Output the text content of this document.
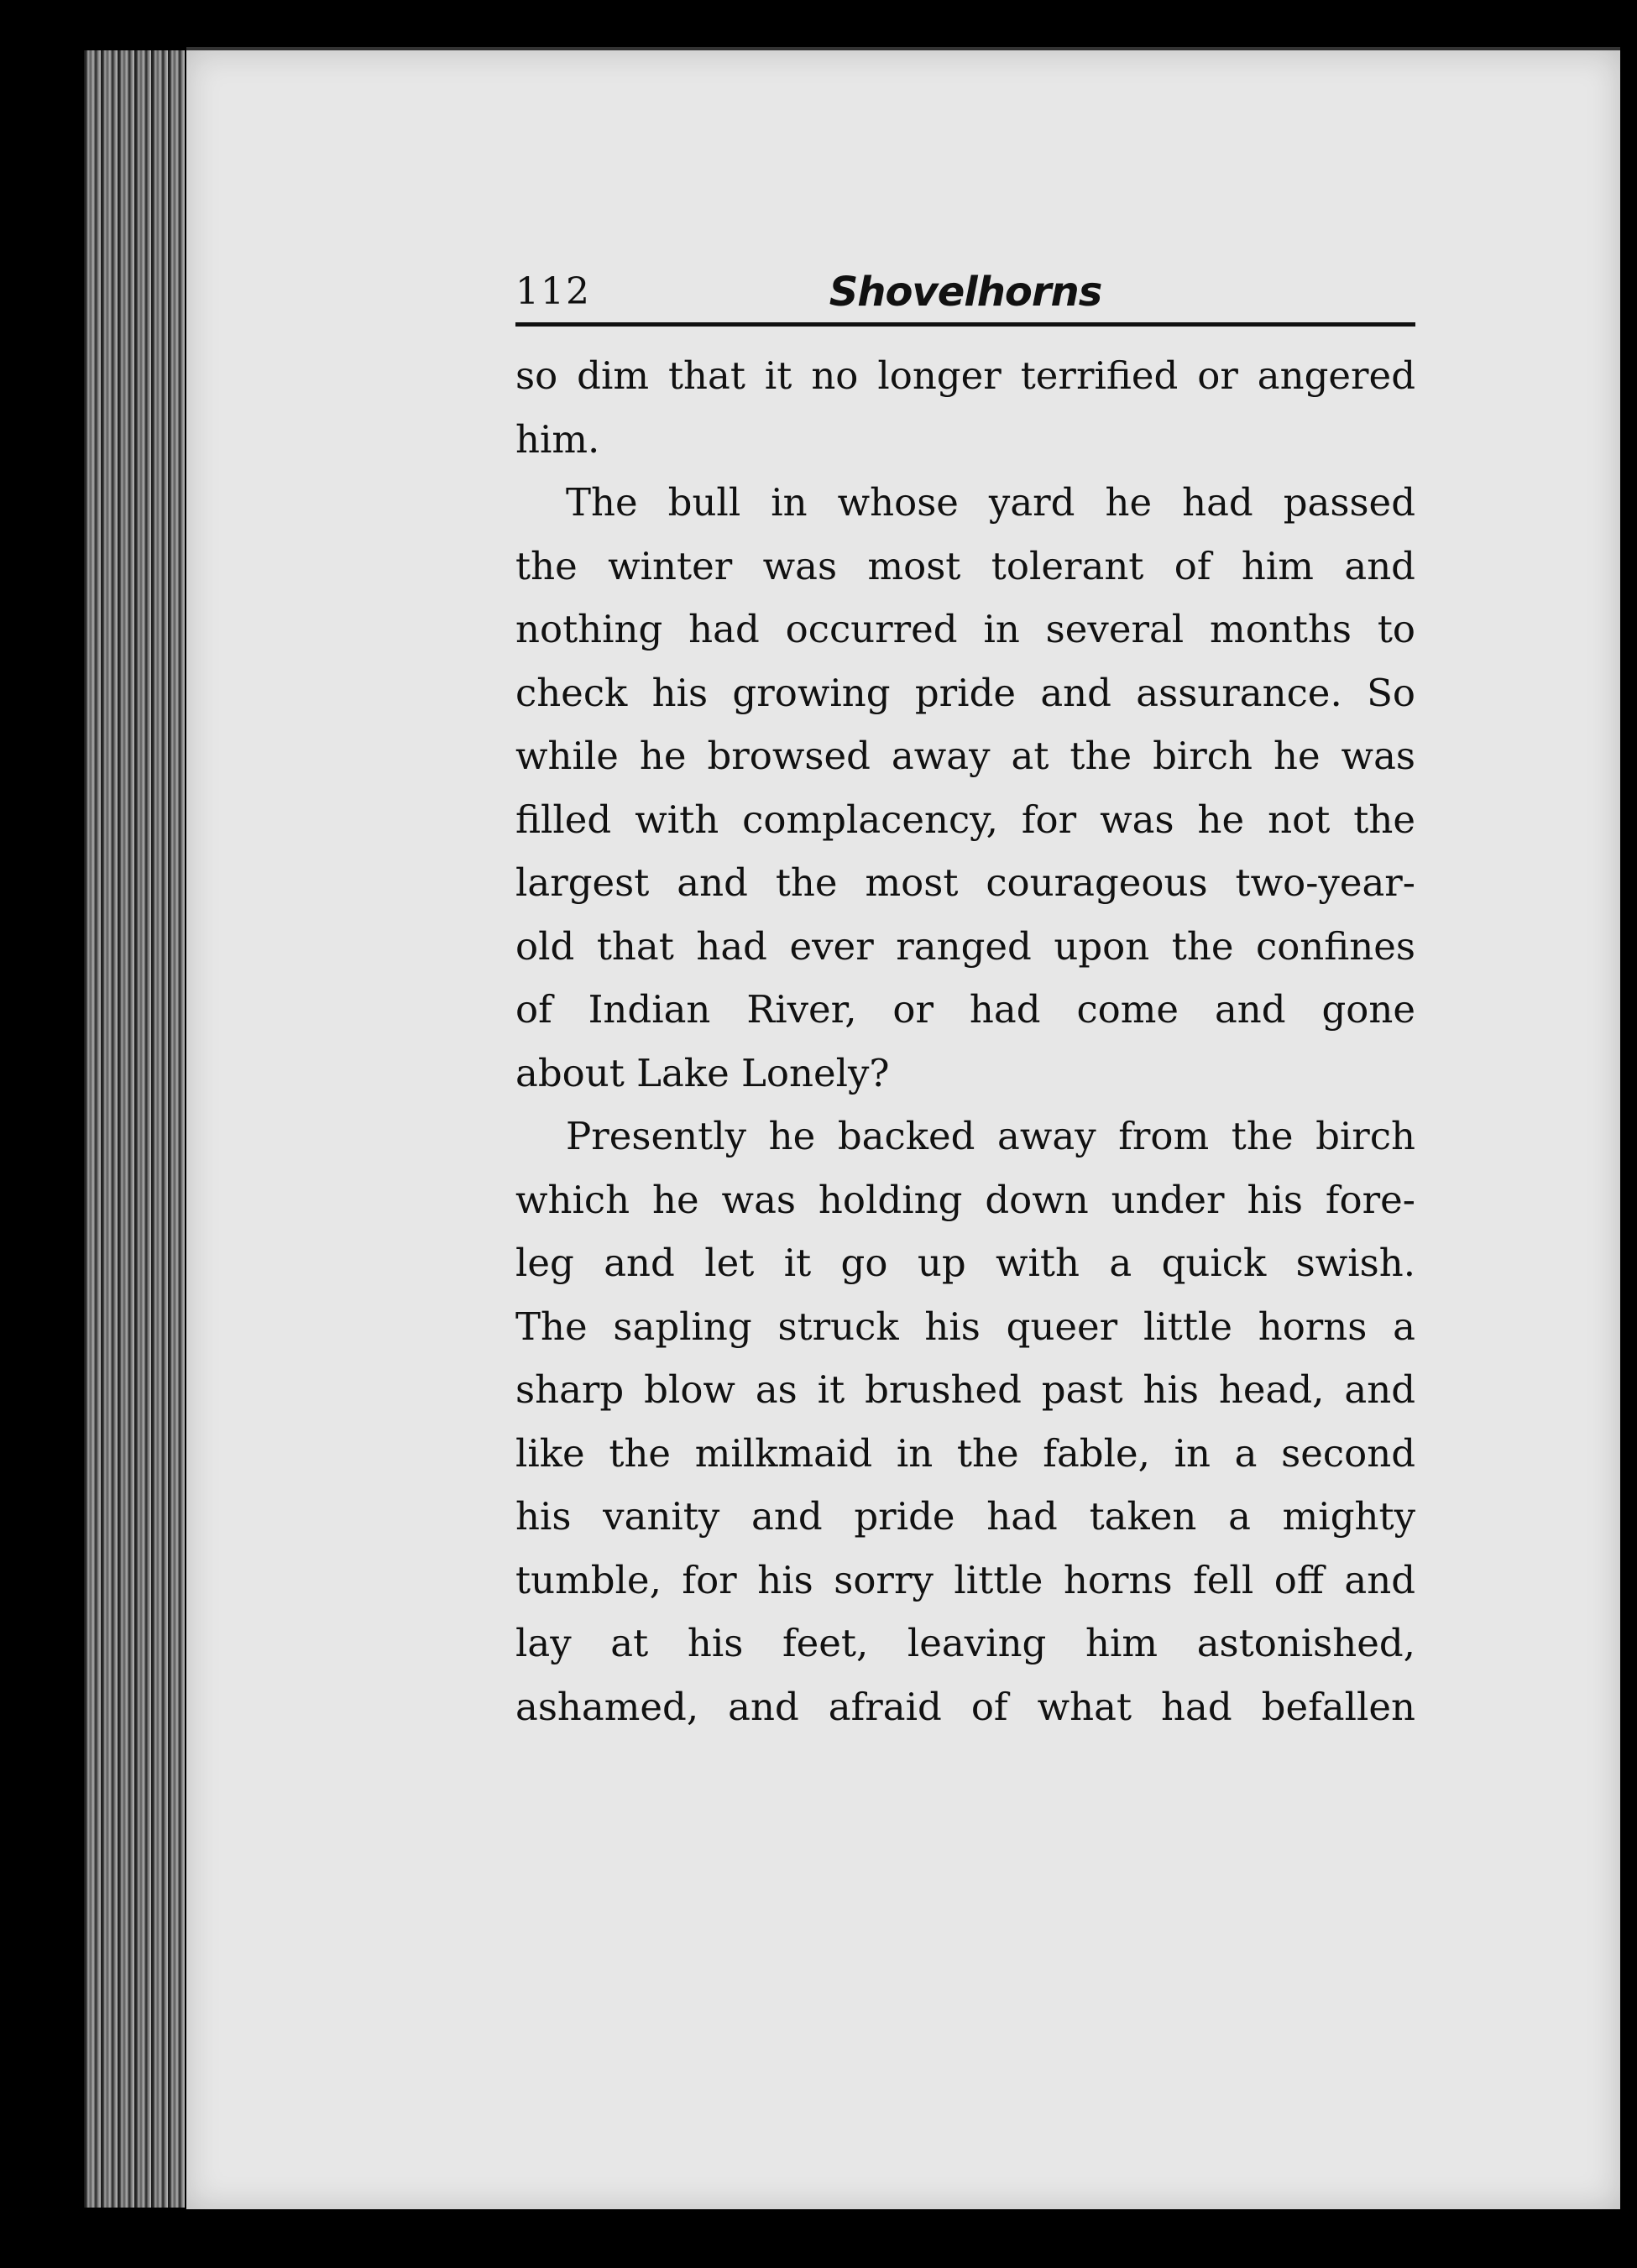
112	Shovelhorns
so dim that it no longer terrified or angered
him.
The bull in whose yard he had passed
the winter was most tolerant of him and
nothing had occurred in several months to
check his growing pride and assurance. So
while he browsed away at the birch he was
filled with complacency, for was he not the
largest and the most courageous two-year-
old that had ever ranged upon the confines
of Indian River, or had come and gone
about Lake Lonely?
Presently he backed away from the birch
which he was holding down under his fore-
leg and let it go up with a quick swish.
The sapling struck his queer little horns a
sharp blow as it brushed past his head, and
like the milkmaid in the fable, in a second
his vanity and pride had taken a mighty
tumble, for his sorry little horns fell off and
lay at his feet, leaving him astonished,
ashamed, and afraid of what had befallen
